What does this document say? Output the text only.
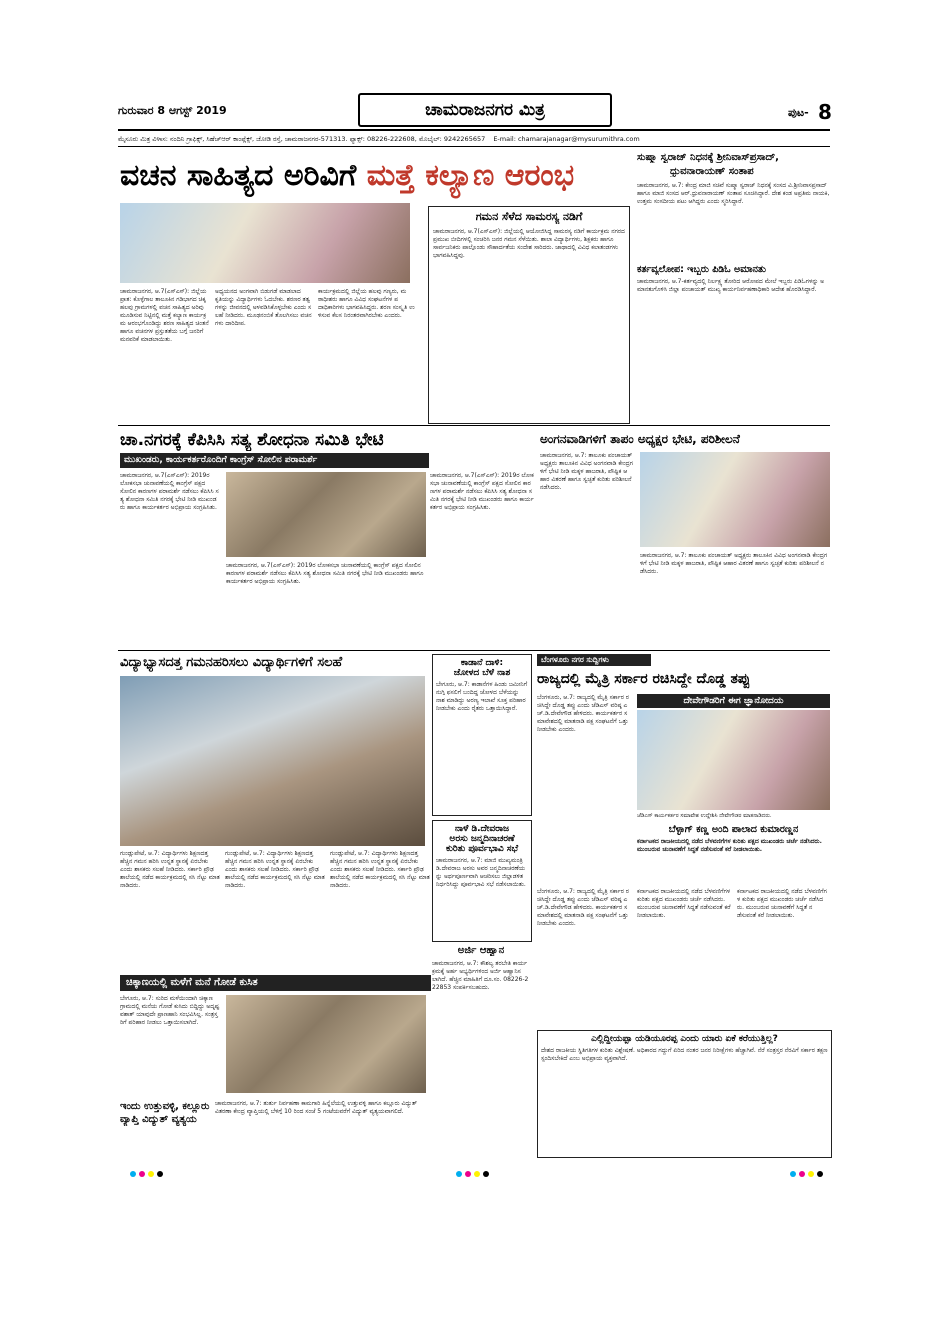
ಗುರುವಾರ 8 ಆಗಸ್ಟ್ 2019	ಚಾಮರಾಜನಗರ ಮಿತ್ರ	ಪುಟ- 8
ಮೈಸೂರು ಮಿತ್ರ ವಿಳಾಸ: ನಂದಿನಿ ಗ್ರಾಫಿಕ್ಸ್, ಸಿಹೆಚ್‌ಆರ್ ಕಾಂಪ್ಲೆಕ್ಸ್, ಜೋಡಿ ರಸ್ತೆ, ಚಾಮರಾಜನಗರ-571313. ಫ್ಯಾಕ್ಸ್: 08226-222608, ಮೊಬೈಲ್: 9242265657 E-mail: chamarajanagar@mysurumithra.com
ವಚನ ಸಾಹಿತ್ಯದ ಅರಿವಿಗೆ ಮತ್ತೆ ಕಲ್ಯಾಣ ಆರಂಭ
ಚಾಮರಾಜನಗರ, ಆ.7(ಎಸ್‌ಎಸ್): ಜಿಲ್ಲೆಯ ಪ್ರಾತ: ಕೊಳ್ಳೆಗಾಲ ತಾಲೂಕಿನ ಗಡಿಭಾಗದ ಚಿಕ್ಕ ಹಲವು ಗ್ರಾಮಗಳಲ್ಲಿ ವಚನ ಸಾಹಿತ್ಯದ ಅರಿವು ಮೂಡಿಸುವ ನಿಟ್ಟಿನಲ್ಲಿ ಮತ್ತೆ ಕಲ್ಯಾಣ ಕಾರ್ಯಕ್ರಮ ಆರಂಭಗೊಂಡಿದ್ದು ಶರಣ ಸಾಹಿತ್ಯದ ಚಿಂತನೆ ಹಾಗೂ ವಚನಗಳ ಪ್ರಸ್ತುತತೆಯ ಬಗ್ಗೆ ಜನರಿಗೆ ಮನವರಿಕೆ ಮಾಡಲಾಯಿತು.
ಅಧ್ಯಯನದ ಅಂಗವಾಗಿ ಬಿಡುಗಡೆ ಮಾಡಲಾದ ಕೃತಿಯನ್ನು ವಿದ್ಯಾರ್ಥಿಗಳು ಓದಬೇಕು. ಶರಣರ ತತ್ವಗಳನ್ನು ಜೀವನದಲ್ಲಿ ಅಳವಡಿಸಿಕೊಳ್ಳಬೇಕು ಎಂದು ಸಲಹೆ ನೀಡಿದರು. ಮೂಢನಂಬಿಕೆ ತೊಲಗಿಸಲು ವಚನಗಳು ದಾರಿದೀಪ.
ಕಾರ್ಯಕ್ರಮದಲ್ಲಿ ಜಿಲ್ಲೆಯ ಹಲವು ಗಣ್ಯರು, ಮಠಾಧೀಶರು ಹಾಗೂ ವಿವಿಧ ಸಂಘಟನೆಗಳ ಪದಾಧಿಕಾರಿಗಳು ಭಾಗವಹಿಸಿದ್ದರು. ಶರಣ ಸಂಸ್ಕೃತಿ ಉಳಿಸುವ ಕೆಲಸ ನಿರಂತರವಾಗಿರಬೇಕು ಎಂದರು.
ಗಮನ ಸೆಳೆದ ಸಾಮರಸ್ಯ ನಡಿಗೆ
ಚಾಮರಾಜನಗರ, ಆ.7(ಎಸ್‌ಎಸ್): ಜಿಲ್ಲೆಯಲ್ಲಿ ಆಯೋಜಿಸಿದ್ದ ಸಾಮರಸ್ಯ ನಡಿಗೆ ಕಾರ್ಯಕ್ರಮ ನಗರದ ಪ್ರಮುಖ ಬೀದಿಗಳಲ್ಲಿ ಸಂಚರಿಸಿ ಜನರ ಗಮನ ಸೆಳೆಯಿತು. ಶಾಲಾ ವಿದ್ಯಾರ್ಥಿಗಳು, ಶಿಕ್ಷಕರು ಹಾಗೂ ಸಾರ್ವಜನಿಕರು ಪಾಲ್ಗೊಂಡು ಸೌಹಾರ್ದತೆಯ ಸಂದೇಶ ಸಾರಿದರು. ಜಾಥಾದಲ್ಲಿ ವಿವಿಧ ಕಲಾತಂಡಗಳು ಭಾಗವಹಿಸಿದ್ದವು.
ಸುಷ್ಮಾ ಸ್ವರಾಜ್ ನಿಧನಕ್ಕೆ ಶ್ರೀನಿವಾಸ್‌ಪ್ರಸಾದ್,
ಧ್ರುವನಾರಾಯಣ್ ಸಂತಾಪ
ಚಾಮರಾಜನಗರ, ಆ.7: ಕೇಂದ್ರ ಮಾಜಿ ಸಚಿವೆ ಸುಷ್ಮಾ ಸ್ವರಾಜ್ ನಿಧನಕ್ಕೆ ಸಂಸದ ವಿ.ಶ್ರೀನಿವಾಸಪ್ರಸಾದ್ ಹಾಗೂ ಮಾಜಿ ಸಂಸದ ಆರ್.ಧ್ರುವನಾರಾಯಣ್ ಸಂತಾಪ ಸೂಚಿಸಿದ್ದಾರೆ. ದೇಶ ಕಂಡ ಅಪ್ರತಿಮ ನಾಯಕಿ, ಉತ್ತಮ ಸಂಸದೀಯ ಪಟು ಆಗಿದ್ದರು ಎಂದು ಸ್ಮರಿಸಿದ್ದಾರೆ.
ಕರ್ತವ್ಯಲೋಪ: ಇಬ್ಬರು ಪಿಡಿಓ ಅಮಾನತು
ಚಾಮರಾಜನಗರ, ಆ.7-ಕರ್ತವ್ಯದಲ್ಲಿ ನಿರ್ಲಕ್ಷ್ಯ ತೋರಿದ ಆರೋಪದ ಮೇಲೆ ಇಬ್ಬರು ಪಿಡಿಓಗಳನ್ನು ಅಮಾನತುಗೊಳಿಸಿ ಜಿಲ್ಲಾ ಪಂಚಾಯತ್ ಮುಖ್ಯ ಕಾರ್ಯನಿರ್ವಹಣಾಧಿಕಾರಿ ಆದೇಶ ಹೊರಡಿಸಿದ್ದಾರೆ.
ಚಾ.ನಗರಕ್ಕೆ ಕೆಪಿಸಿಸಿ ಸತ್ಯ ಶೋಧನಾ ಸಮಿತಿ ಭೇಟಿ
ಮುಖಂಡರು, ಕಾರ್ಯಕರ್ತರೊಂದಿಗೆ ಕಾಂಗ್ರೆಸ್ ಸೋಲಿನ ಪರಾಮರ್ಶೆ
ಚಾಮರಾಜನಗರ, ಆ.7(ಎಸ್‌ಎಸ್): 2019ರ ಲೋಕಸಭಾ ಚುನಾವಣೆಯಲ್ಲಿ ಕಾಂಗ್ರೆಸ್ ಪಕ್ಷದ ಸೋಲಿನ ಕಾರಣಗಳ ಪರಾಮರ್ಶೆ ನಡೆಸಲು ಕೆಪಿಸಿಸಿ ಸತ್ಯ ಶೋಧನಾ ಸಮಿತಿ ನಗರಕ್ಕೆ ಭೇಟಿ ನೀಡಿ ಮುಖಂಡರು ಹಾಗೂ ಕಾರ್ಯಕರ್ತರ ಅಭಿಪ್ರಾಯ ಸಂಗ್ರಹಿಸಿತು.
ಚಾಮರಾಜನಗರ, ಆ.7(ಎಸ್‌ಎಸ್): 2019ರ ಲೋಕಸಭಾ ಚುನಾವಣೆಯಲ್ಲಿ ಕಾಂಗ್ರೆಸ್ ಪಕ್ಷದ ಸೋಲಿನ ಕಾರಣಗಳ ಪರಾಮರ್ಶೆ ನಡೆಸಲು ಕೆಪಿಸಿಸಿ ಸತ್ಯ ಶೋಧನಾ ಸಮಿತಿ ನಗರಕ್ಕೆ ಭೇಟಿ ನೀಡಿ ಮುಖಂಡರು ಹಾಗೂ ಕಾರ್ಯಕರ್ತರ ಅಭಿಪ್ರಾಯ ಸಂಗ್ರಹಿಸಿತು.
ಚಾಮರಾಜನಗರ, ಆ.7(ಎಸ್‌ಎಸ್): 2019ರ ಲೋಕಸಭಾ ಚುನಾವಣೆಯಲ್ಲಿ ಕಾಂಗ್ರೆಸ್ ಪಕ್ಷದ ಸೋಲಿನ ಕಾರಣಗಳ ಪರಾಮರ್ಶೆ ನಡೆಸಲು ಕೆಪಿಸಿಸಿ ಸತ್ಯ ಶೋಧನಾ ಸಮಿತಿ ನಗರಕ್ಕೆ ಭೇಟಿ ನೀಡಿ ಮುಖಂಡರು ಹಾಗೂ ಕಾರ್ಯಕರ್ತರ ಅಭಿಪ್ರಾಯ ಸಂಗ್ರಹಿಸಿತು.
ಅಂಗನವಾಡಿಗಳಿಗೆ ತಾಪಂ ಅಧ್ಯಕ್ಷರ ಭೇಟಿ, ಪರಿಶೀಲನೆ
ಚಾಮರಾಜನಗರ, ಆ.7: ತಾಲೂಕು ಪಂಚಾಯತ್ ಅಧ್ಯಕ್ಷರು ತಾಲೂಕಿನ ವಿವಿಧ ಅಂಗನವಾಡಿ ಕೇಂದ್ರಗಳಿಗೆ ಭೇಟಿ ನೀಡಿ ಮಕ್ಕಳ ಹಾಜರಾತಿ, ಪೌಷ್ಟಿಕ ಆಹಾರ ವಿತರಣೆ ಹಾಗೂ ಸ್ವಚ್ಛತೆ ಕುರಿತು ಪರಿಶೀಲನೆ ನಡೆಸಿದರು.
ಚಾಮರಾಜನಗರ, ಆ.7: ತಾಲೂಕು ಪಂಚಾಯತ್ ಅಧ್ಯಕ್ಷರು ತಾಲೂಕಿನ ವಿವಿಧ ಅಂಗನವಾಡಿ ಕೇಂದ್ರಗಳಿಗೆ ಭೇಟಿ ನೀಡಿ ಮಕ್ಕಳ ಹಾಜರಾತಿ, ಪೌಷ್ಟಿಕ ಆಹಾರ ವಿತರಣೆ ಹಾಗೂ ಸ್ವಚ್ಛತೆ ಕುರಿತು ಪರಿಶೀಲನೆ ನಡೆಸಿದರು.
ವಿದ್ಯಾಭ್ಯಾಸದತ್ತ ಗಮನಹರಿಸಲು ವಿದ್ಯಾರ್ಥಿಗಳಿಗೆ ಸಲಹೆ
ಗುಂಡ್ಲುಪೇಟೆ, ಆ.7: ವಿದ್ಯಾರ್ಥಿಗಳು ಶಿಕ್ಷಣದತ್ತ ಹೆಚ್ಚಿನ ಗಮನ ಹರಿಸಿ ಉನ್ನತ ಸ್ಥಾನಕ್ಕೆ ಏರಬೇಕು ಎಂದು ಶಾಸಕರು ಸಲಹೆ ನೀಡಿದರು. ಸರ್ಕಾರಿ ಪ್ರೌಢಶಾಲೆಯಲ್ಲಿ ನಡೆದ ಕಾರ್ಯಕ್ರಮದಲ್ಲಿ ಸಸಿ ನೆಟ್ಟು ಮಾತನಾಡಿದರು.
ಗುಂಡ್ಲುಪೇಟೆ, ಆ.7: ವಿದ್ಯಾರ್ಥಿಗಳು ಶಿಕ್ಷಣದತ್ತ ಹೆಚ್ಚಿನ ಗಮನ ಹರಿಸಿ ಉನ್ನತ ಸ್ಥಾನಕ್ಕೆ ಏರಬೇಕು ಎಂದು ಶಾಸಕರು ಸಲಹೆ ನೀಡಿದರು. ಸರ್ಕಾರಿ ಪ್ರೌಢಶಾಲೆಯಲ್ಲಿ ನಡೆದ ಕಾರ್ಯಕ್ರಮದಲ್ಲಿ ಸಸಿ ನೆಟ್ಟು ಮಾತನಾಡಿದರು.
ಗುಂಡ್ಲುಪೇಟೆ, ಆ.7: ವಿದ್ಯಾರ್ಥಿಗಳು ಶಿಕ್ಷಣದತ್ತ ಹೆಚ್ಚಿನ ಗಮನ ಹರಿಸಿ ಉನ್ನತ ಸ್ಥಾನಕ್ಕೆ ಏರಬೇಕು ಎಂದು ಶಾಸಕರು ಸಲಹೆ ನೀಡಿದರು. ಸರ್ಕಾರಿ ಪ್ರೌಢಶಾಲೆಯಲ್ಲಿ ನಡೆದ ಕಾರ್ಯಕ್ರಮದಲ್ಲಿ ಸಸಿ ನೆಟ್ಟು ಮಾತನಾಡಿದರು.
ಕಾಡಾನೆ ದಾಳಿ:
ಜೋಳದ ಬೆಳೆ ನಾಶ
ಬೇಗೂರು, ಆ.7: ಕಾಡಾನೆಗಳ ಹಿಂಡು ಜಮೀನಿಗೆ ನುಗ್ಗಿ ಫಸಲಿಗೆ ಬಂದಿದ್ದ ಜೋಳದ ಬೆಳೆಯನ್ನು ನಾಶ ಮಾಡಿದ್ದು ಅರಣ್ಯ ಇಲಾಖೆ ಸೂಕ್ತ ಪರಿಹಾರ ನೀಡಬೇಕು ಎಂದು ರೈತರು ಒತ್ತಾಯಿಸಿದ್ದಾರೆ.
ಬೆಂಗಳೂರು ನಗರ ಸುದ್ದಿಗಳು
ರಾಜ್ಯದಲ್ಲಿ ಮೈತ್ರಿ ಸರ್ಕಾರ ರಚಿಸಿದ್ದೇ ದೊಡ್ಡ ತಪ್ಪು
ಬೆಂಗಳೂರು, ಆ.7: ರಾಜ್ಯದಲ್ಲಿ ಮೈತ್ರಿ ಸರ್ಕಾರ ರಚಿಸಿದ್ದೇ ದೊಡ್ಡ ತಪ್ಪು ಎಂದು ಜೆಡಿಎಸ್ ವರಿಷ್ಠ ಎಚ್.ಡಿ.ದೇವೇಗೌಡ ಹೇಳಿದರು. ಕಾರ್ಯಕರ್ತರ ಸಮಾವೇಶದಲ್ಲಿ ಮಾತನಾಡಿ ಪಕ್ಷ ಸಂಘಟನೆಗೆ ಒತ್ತು ನೀಡಬೇಕು ಎಂದರು.
ದೇವೇಗೌಡರಿಗೆ ಈಗ ಜ್ಞಾನೋದಯ
ಜೆಡಿಎಸ್ ಕಾರ್ಯಕರ್ತರ ಸಮಾವೇಶ ಉದ್ದೇಶಿಸಿ ದೇವೇಗೌಡರ ಮಾತನಾಡಿದರು.
ಬೆಳ್ಳಾಗ್ ಕಣ್ಣ ಅಂದಿ ಪಾಲಾದ ಕುಮಾರಣ್ಣನ
ಕರ್ನಾಟಕದ ರಾಜಕೀಯದಲ್ಲಿ ನಡೆದ ಬೆಳವಣಿಗೆಗಳ ಕುರಿತು ಪಕ್ಷದ ಮುಖಂಡರು ಚರ್ಚೆ ನಡೆಸಿದರು. ಮುಂಬರುವ ಚುನಾವಣೆಗೆ ಸಿದ್ಧತೆ ನಡೆಸುವಂತೆ ಕರೆ ನೀಡಲಾಯಿತು.
ಕರ್ನಾಟಕದ ರಾಜಕೀಯದಲ್ಲಿ ನಡೆದ ಬೆಳವಣಿಗೆಗಳ ಕುರಿತು ಪಕ್ಷದ ಮುಖಂಡರು ಚರ್ಚೆ ನಡೆಸಿದರು. ಮುಂಬರುವ ಚುನಾವಣೆಗೆ ಸಿದ್ಧತೆ ನಡೆಸುವಂತೆ ಕರೆ ನೀಡಲಾಯಿತು.
ಕರ್ನಾಟಕದ ರಾಜಕೀಯದಲ್ಲಿ ನಡೆದ ಬೆಳವಣಿಗೆಗಳ ಕುರಿತು ಪಕ್ಷದ ಮುಖಂಡರು ಚರ್ಚೆ ನಡೆಸಿದರು. ಮುಂಬರುವ ಚುನಾವಣೆಗೆ ಸಿದ್ಧತೆ ನಡೆಸುವಂತೆ ಕರೆ ನೀಡಲಾಯಿತು.
ಬೆಂಗಳೂರು, ಆ.7: ರಾಜ್ಯದಲ್ಲಿ ಮೈತ್ರಿ ಸರ್ಕಾರ ರಚಿಸಿದ್ದೇ ದೊಡ್ಡ ತಪ್ಪು ಎಂದು ಜೆಡಿಎಸ್ ವರಿಷ್ಠ ಎಚ್.ಡಿ.ದೇವೇಗೌಡ ಹೇಳಿದರು. ಕಾರ್ಯಕರ್ತರ ಸಮಾವೇಶದಲ್ಲಿ ಮಾತನಾಡಿ ಪಕ್ಷ ಸಂಘಟನೆಗೆ ಒತ್ತು ನೀಡಬೇಕು ಎಂದರು.
ನಾಳೆ ಡಿ.ದೇವರಾಜ
ಅರಸು ಜನ್ಮದಿನಾಚರಣೆ
ಕುರಿತು ಪೂರ್ವಭಾವಿ ಸಭೆ
ಚಾಮರಾಜನಗರ, ಆ.7: ಮಾಜಿ ಮುಖ್ಯಮಂತ್ರಿ ಡಿ.ದೇವರಾಜ ಅರಸು ಅವರ ಜನ್ಮದಿನಾಚರಣೆಯನ್ನು ಅರ್ಥಪೂರ್ಣವಾಗಿ ಆಚರಿಸಲು ಜಿಲ್ಲಾಡಳಿತ ನಿರ್ಧರಿಸಿದ್ದು ಪೂರ್ವಭಾವಿ ಸಭೆ ನಡೆಸಲಾಯಿತು.
ಅರ್ಜಿ ಆಹ್ವಾನ
ಚಾಮರಾಜನಗರ, ಆ.7: ಕೌಶಲ್ಯ ತರಬೇತಿ ಕಾರ್ಯಕ್ರಮಕ್ಕೆ ಅರ್ಹ ಅಭ್ಯರ್ಥಿಗಳಿಂದ ಅರ್ಜಿ ಆಹ್ವಾನಿಸಲಾಗಿದೆ. ಹೆಚ್ಚಿನ ಮಾಹಿತಿಗೆ ದೂ.ಸಂ. 08226-222853 ಸಂಪರ್ಕಿಸಬಹುದು.
ಚಿಕ್ಕಾಣಯಲ್ಲಿ ಮಳೆಗೆ ಮನೆ ಗೋಡೆ ಕುಸಿತ
ಬೇಗೂರು, ಆ.7: ಸುರಿದ ಮಳೆಯಿಂದಾಗಿ ಚಿಕ್ಕಾಣ ಗ್ರಾಮದಲ್ಲಿ ಮನೆಯ ಗೋಡೆ ಕುಸಿದು ಬಿದ್ದಿದ್ದು ಅದೃಷ್ಟವಶಾತ್ ಯಾವುದೇ ಪ್ರಾಣಹಾನಿ ಸಂಭವಿಸಿಲ್ಲ. ಸಂತ್ರಸ್ತರಿಗೆ ಪರಿಹಾರ ನೀಡಲು ಒತ್ತಾಯಿಸಲಾಗಿದೆ.
ಇಂದು ಉತ್ತುವಳ್ಳಿ, ಕಲ್ಲೂರು ವ್ಯಾಪ್ತಿ ವಿದ್ಯುತ್ ವ್ಯತ್ಯಯ
ಚಾಮರಾಜನಗರ, ಆ.7: ತುರ್ತು ನಿರ್ವಹಣಾ ಕಾಮಗಾರಿ ಹಿನ್ನೆಲೆಯಲ್ಲಿ ಉತ್ತುವಳ್ಳಿ ಹಾಗೂ ಕಲ್ಲೂರು ವಿದ್ಯುತ್ ವಿತರಣಾ ಕೇಂದ್ರ ವ್ಯಾಪ್ತಿಯಲ್ಲಿ ಬೆಳಿಗ್ಗೆ 10 ರಿಂದ ಸಂಜೆ 5 ಗಂಟೆಯವರೆಗೆ ವಿದ್ಯುತ್ ವ್ಯತ್ಯಯವಾಗಲಿದೆ.
ಎಲ್ಲಿದ್ದೀಯಪ್ಪಾ ಯಡಿಯೂರಪ್ಪ ಎಂದು ಯಾರು ಏಕೆ ಕರೆಯುತ್ತಿಲ್ಲ?
ದೇಶದ ರಾಜಕೀಯ ಸ್ಥಿತಿಗತಿಗಳ ಕುರಿತು ವಿಶ್ಲೇಷಣೆ. ಅಧಿಕಾರದ ಗದ್ದುಗೆ ಏರಿದ ನಂತರ ಜನರ ನಿರೀಕ್ಷೆಗಳು ಹೆಚ್ಚಾಗಿವೆ. ನೆರೆ ಸಂತ್ರಸ್ತರ ನೆರವಿಗೆ ಸರ್ಕಾರ ತಕ್ಷಣ ಸ್ಪಂದಿಸಬೇಕಿದೆ ಎಂಬ ಅಭಿಪ್ರಾಯ ವ್ಯಕ್ತವಾಗಿದೆ.
